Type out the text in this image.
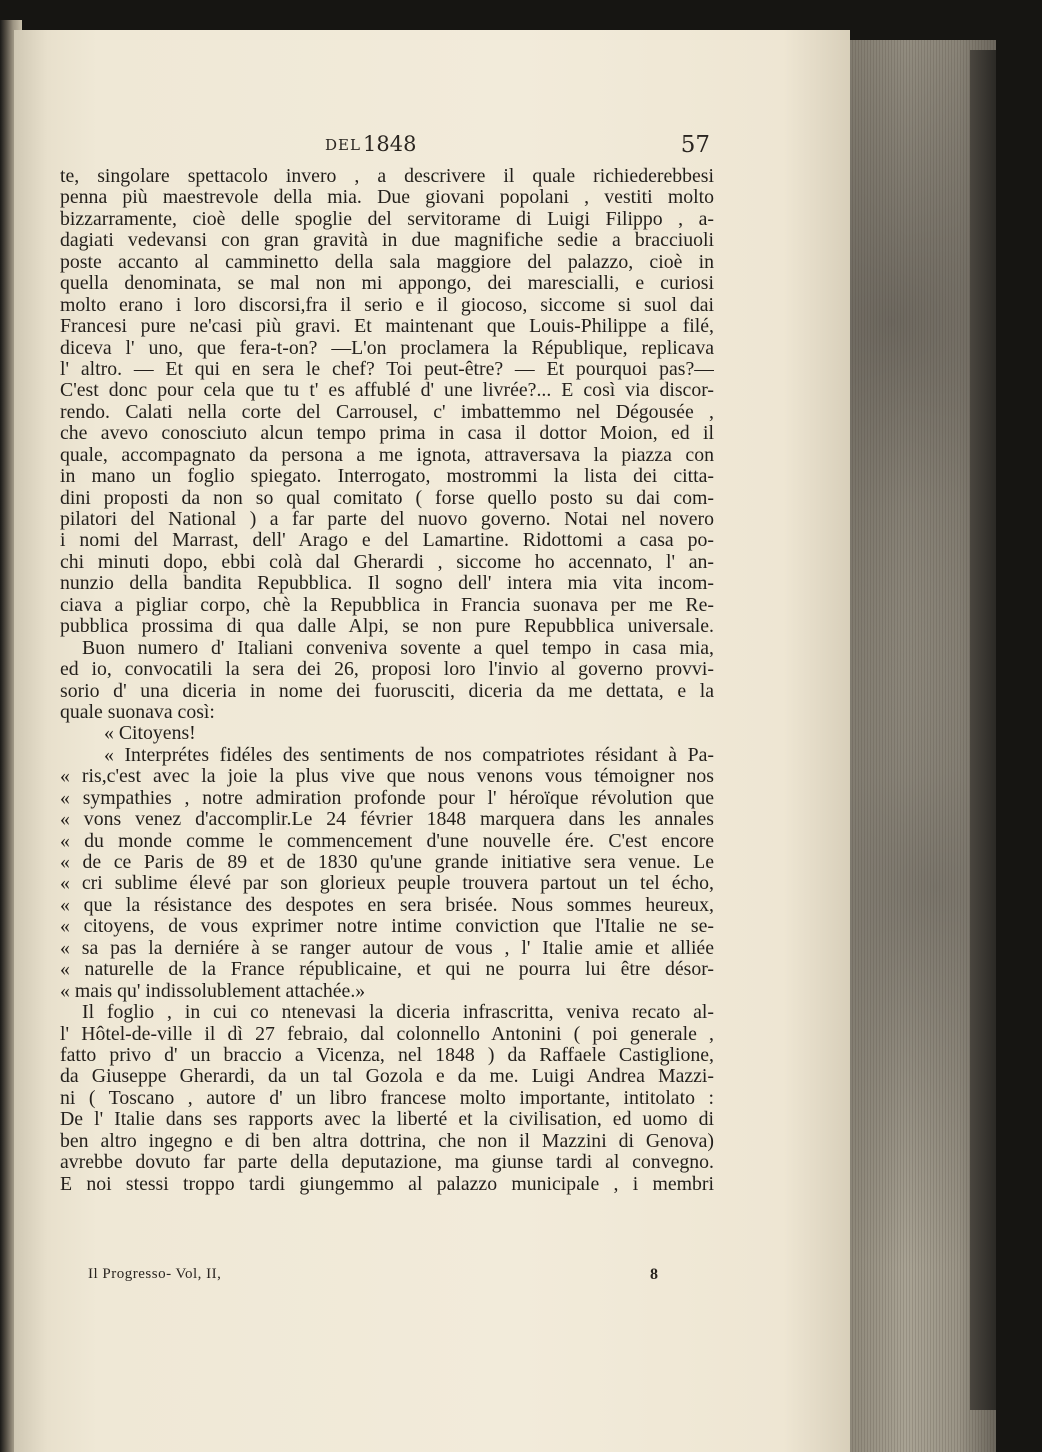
DEL 1848	57
te, singolare spettacolo invero , a descrivere il quale richiederebbesi
penna più maestrevole della mia. Due giovani popolani , vestiti molto
bizzarramente, cioè delle spoglie del servitorame di Luigi Filippo , a-
dagiati vedevansi con gran gravità in due magnifiche sedie a bracciuoli
poste accanto al camminetto della sala maggiore del palazzo, cioè in
quella denominata, se mal non mi appongo, dei marescialli, e curiosi
molto erano i loro discorsi,fra il serio e il giocoso, siccome si suol dai
Francesi pure ne'casi più gravi. Et maintenant que Louis-Philippe a filé,
diceva l' uno, que fera-t-on? —L'on proclamera la République, replicava
l' altro. — Et qui en sera le chef? Toi peut-être? — Et pourquoi pas?—
C'est donc pour cela que tu t' es affublé d' une livrée?... E così via discor-
rendo. Calati nella corte del Carrousel, c' imbattemmo nel Dégousée ,
che avevo conosciuto alcun tempo prima in casa il dottor Moion, ed il
quale, accompagnato da persona a me ignota, attraversava la piazza con
in mano un foglio spiegato. Interrogato, mostrommi la lista dei citta-
dini proposti da non so qual comitato ( forse quello posto su dai com-
pilatori del National ) a far parte del nuovo governo. Notai nel novero
i nomi del Marrast, dell' Arago e del Lamartine. Ridottomi a casa po-
chi minuti dopo, ebbi colà dal Gherardi , siccome ho accennato, l' an-
nunzio della bandita Repubblica. Il sogno dell' intera mia vita incom-
ciava a pigliar corpo, chè la Repubblica in Francia suonava per me Re-
pubblica prossima di qua dalle Alpi, se non pure Repubblica universale.
Buon numero d' Italiani conveniva sovente a quel tempo in casa mia,
ed io, convocatili la sera dei 26, proposi loro l'invio al governo provvi-
sorio d' una diceria in nome dei fuorusciti, diceria da me dettata, e la
quale suonava così:
« Citoyens!
« Interprétes fidéles des sentiments de nos compatriotes résidant à Pa-
« ris,c'est avec la joie la plus vive que nous venons vous témoigner nos
« sympathies , notre admiration profonde pour l' héroïque révolution que
« vons venez d'accomplir.Le 24 février 1848 marquera dans les annales
« du monde comme le commencement d'une nouvelle ére. C'est encore
« de ce Paris de 89 et de 1830 qu'une grande initiative sera venue. Le
« cri sublime élevé par son glorieux peuple trouvera partout un tel écho,
« que la résistance des despotes en sera brisée. Nous sommes heureux,
« citoyens, de vous exprimer notre intime conviction que l'Italie ne se-
« sa pas la derniére à se ranger autour de vous , l' Italie amie et alliée
« naturelle de la France républicaine, et qui ne pourra lui être désor-
« mais qu' indissolublement attachée.»
Il foglio , in cui co ntenevasi la diceria infrascritta, veniva recato al-
l' Hôtel-de-ville il dì 27 febraio, dal colonnello Antonini ( poi generale ,
fatto privo d' un braccio a Vicenza, nel 1848 ) da Raffaele Castiglione,
da Giuseppe Gherardi, da un tal Gozola e da me. Luigi Andrea Mazzi-
ni ( Toscano , autore d' un libro francese molto importante, intitolato :
De l' Italie dans ses rapports avec la liberté et la civilisation, ed uomo di
ben altro ingegno e di ben altra dottrina, che non il Mazzini di Genova)
avrebbe dovuto far parte della deputazione, ma giunse tardi al convegno.
E noi stessi troppo tardi giungemmo al palazzo municipale , i membri
Il Progresso- Vol, II,	8
